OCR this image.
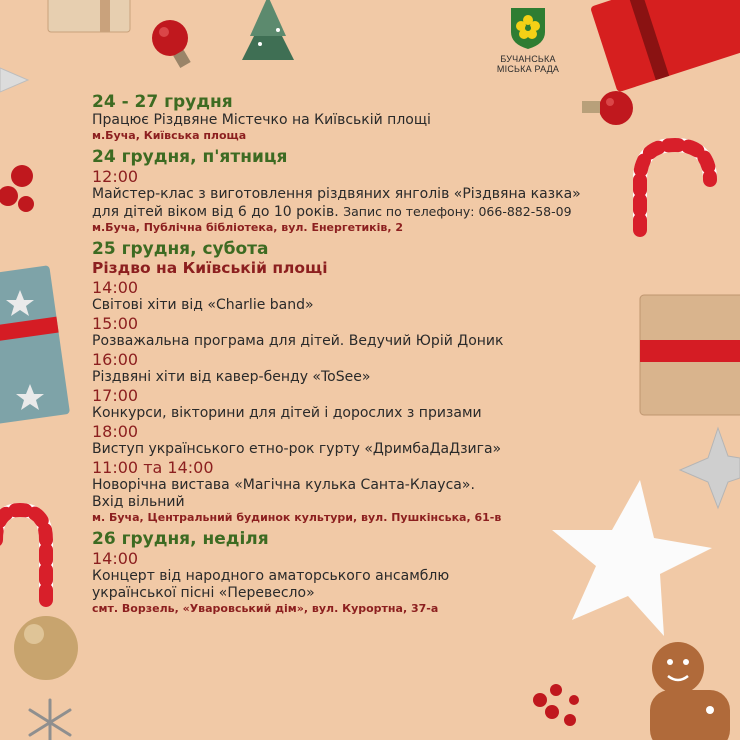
БУЧАНСЬКА
МІСЬКА РАДА
24 - 27 грудня
Працює Різдвяне Містечко на Київській площі
м.Буча, Київська площа
24 грудня, п'ятниця
12:00
Майстер-клас з виготовлення різдвяних янголів «Різдвяна казка»
для дітей віком від 6 до 10 років. Запис по телефону: 066-882-58-09
м.Буча, Публічна бібліотека, вул. Енергетиків, 2
25 грудня, субота
Різдво на Київській площі
14:00
Світові хіти від «Charlie band»
15:00
Розважальна програма для дітей. Ведучий Юрій Доник
16:00
Різдвяні хіти від кавер-бенду «ToSee»
17:00
Конкурси, вікторини для дітей і дорослих з призами
18:00
Виступ українського етно-рок гурту «ДримбаДаДзига»
11:00 та 14:00
Новорічна вистава «Магічна кулька Санта-Клауса».
Вхід вільний
м. Буча, Центральний будинок культури, вул. Пушкінська, 61-в
26 грудня, неділя
14:00
Концерт від народного аматорського ансамблю
української пісні «Перевесло»
смт. Ворзель, «Уваровський дім», вул. Курортна, 37-а
